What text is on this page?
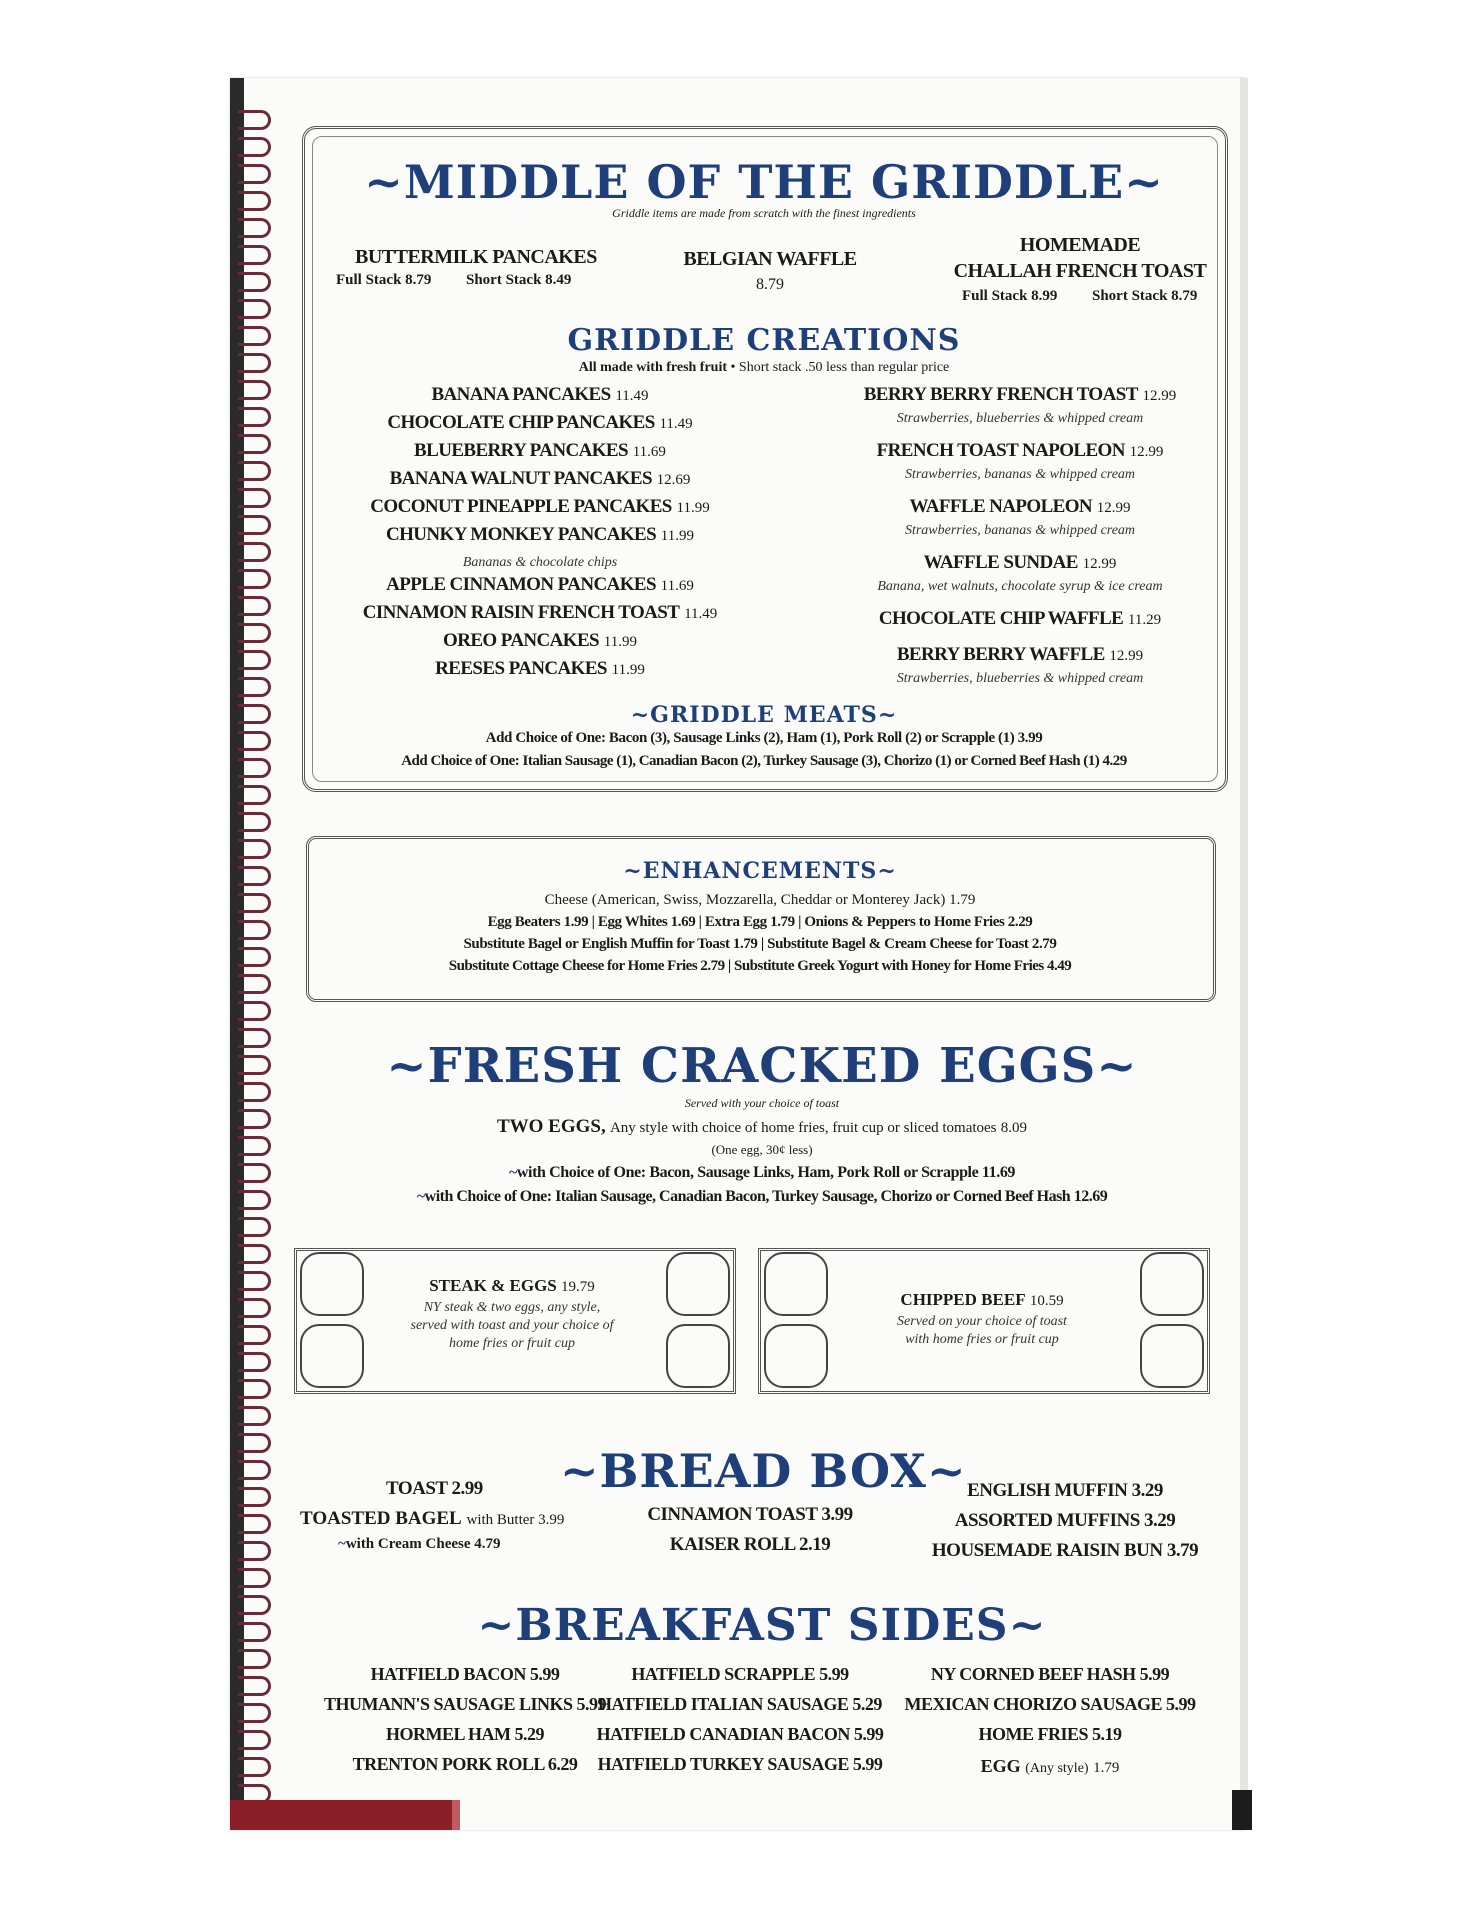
~MIDDLE OF THE GRIDDLE~
Griddle items are made from scratch with the finest ingredients
BUTTERMILK PANCAKES
Full Stack 8.79 Short Stack 8.49
BELGIAN WAFFLE
8.79
HOMEMADE
CHALLAH FRENCH TOAST
Full Stack 8.99 Short Stack 8.79
GRIDDLE CREATIONS
All made with fresh fruit • Short stack .50 less than regular price
BANANA PANCAKES 11.49
CHOCOLATE CHIP PANCAKES 11.49
BLUEBERRY PANCAKES 11.69
BANANA WALNUT PANCAKES 12.69
COCONUT PINEAPPLE PANCAKES 11.99
CHUNKY MONKEY PANCAKES 11.99
APPLE CINNAMON PANCAKES 11.69
CINNAMON RAISIN FRENCH TOAST 11.49
OREO PANCAKES 11.99
REESES PANCAKES 11.99
Bananas & chocolate chips
BERRY BERRY FRENCH TOAST 12.99
Strawberries, blueberries & whipped cream
FRENCH TOAST NAPOLEON 12.99
Strawberries, bananas & whipped cream
WAFFLE NAPOLEON 12.99
Strawberries, bananas & whipped cream
WAFFLE SUNDAE 12.99
Banana, wet walnuts, chocolate syrup & ice cream
CHOCOLATE CHIP WAFFLE 11.29
BERRY BERRY WAFFLE 12.99
Strawberries, blueberries & whipped cream
~GRIDDLE MEATS~
Add Choice of One: Bacon (3), Sausage Links (2), Ham (1), Pork Roll (2) or Scrapple (1) 3.99
Add Choice of One: Italian Sausage (1), Canadian Bacon (2), Turkey Sausage (3), Chorizo (1) or Corned Beef Hash (1) 4.29
~ENHANCEMENTS~
Cheese (American, Swiss, Mozzarella, Cheddar or Monterey Jack) 1.79
Egg Beaters 1.99 | Egg Whites 1.69 | Extra Egg 1.79 | Onions & Peppers to Home Fries 2.29
Substitute Bagel or English Muffin for Toast 1.79 | Substitute Bagel & Cream Cheese for Toast 2.79
Substitute Cottage Cheese for Home Fries 2.79 | Substitute Greek Yogurt with Honey for Home Fries 4.49
~FRESH CRACKED EGGS~
Served with your choice of toast
TWO EGGS, Any style with choice of home fries, fruit cup or sliced tomatoes 8.09
(One egg, 30¢ less)
~with Choice of One: Bacon, Sausage Links, Ham, Pork Roll or Scrapple 11.69
~with Choice of One: Italian Sausage, Canadian Bacon, Turkey Sausage, Chorizo or Corned Beef Hash 12.69
STEAK & EGGS 19.79
NY steak & two eggs, any style,
served with toast and your choice of
home fries or fruit cup
CHIPPED BEEF 10.59
Served on your choice of toast
with home fries or fruit cup
~BREAD BOX~
TOAST 2.99
TOASTED BAGEL with Butter 3.99
~with Cream Cheese 4.79
CINNAMON TOAST 3.99
KAISER ROLL 2.19
ENGLISH MUFFIN 3.29
ASSORTED MUFFINS 3.29
HOUSEMADE RAISIN BUN 3.79
~BREAKFAST SIDES~
HATFIELD BACON 5.99
THUMANN'S SAUSAGE LINKS 5.99
HORMEL HAM 5.29
TRENTON PORK ROLL 6.29
HATFIELD SCRAPPLE 5.99
HATFIELD ITALIAN SAUSAGE 5.29
HATFIELD CANADIAN BACON 5.99
HATFIELD TURKEY SAUSAGE 5.99
NY CORNED BEEF HASH 5.99
MEXICAN CHORIZO SAUSAGE 5.99
HOME FRIES 5.19
EGG (Any style) 1.79
